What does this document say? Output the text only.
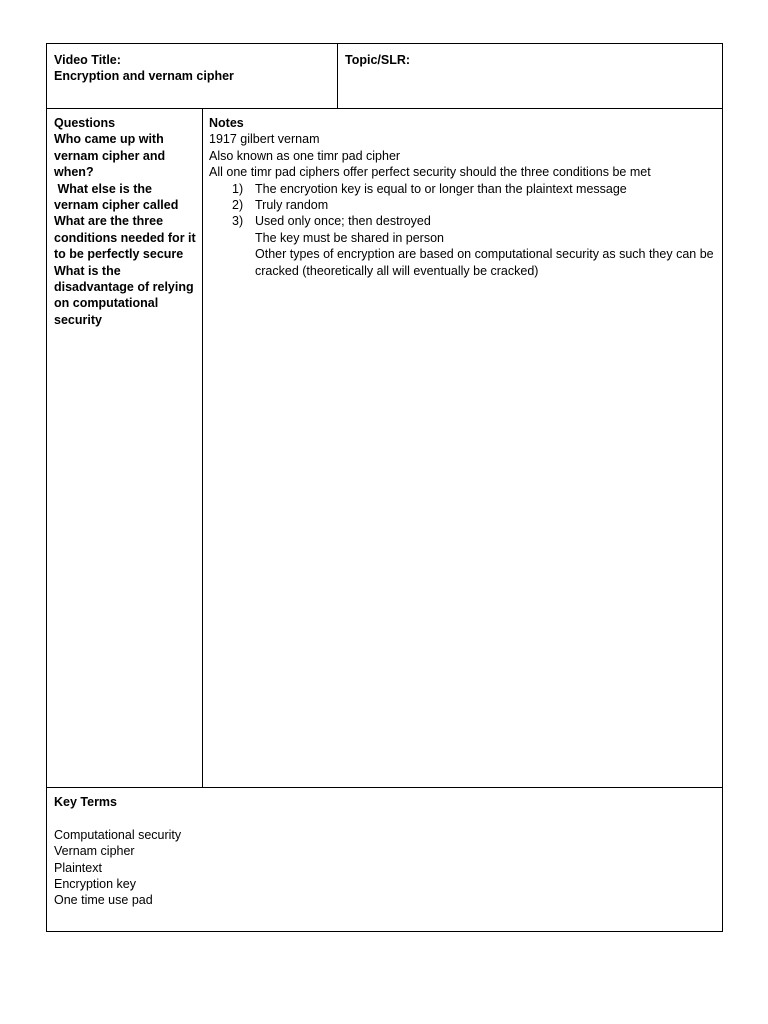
Video Title:
Encryption and vernam cipher
Topic/SLR:
Questions
Who came up with vernam cipher and when?
What else is the vernam cipher called
What are the three conditions needed for it to be perfectly secure
What is the disadvantage of relying on computational security
Notes
1917 gilbert vernam
Also known as one timr pad cipher
All one timr pad ciphers offer perfect security should the three conditions be met
1) The encryotion key is equal to or longer than the plaintext message
2) Truly random
3) Used only once; then destroyed
The key must be shared in person
Other types of encryption are based on computational security as such they can be cracked (theoretically all will eventually be cracked)
Key Terms
Computational security
Vernam cipher
Plaintext
Encryption key
One time use pad
